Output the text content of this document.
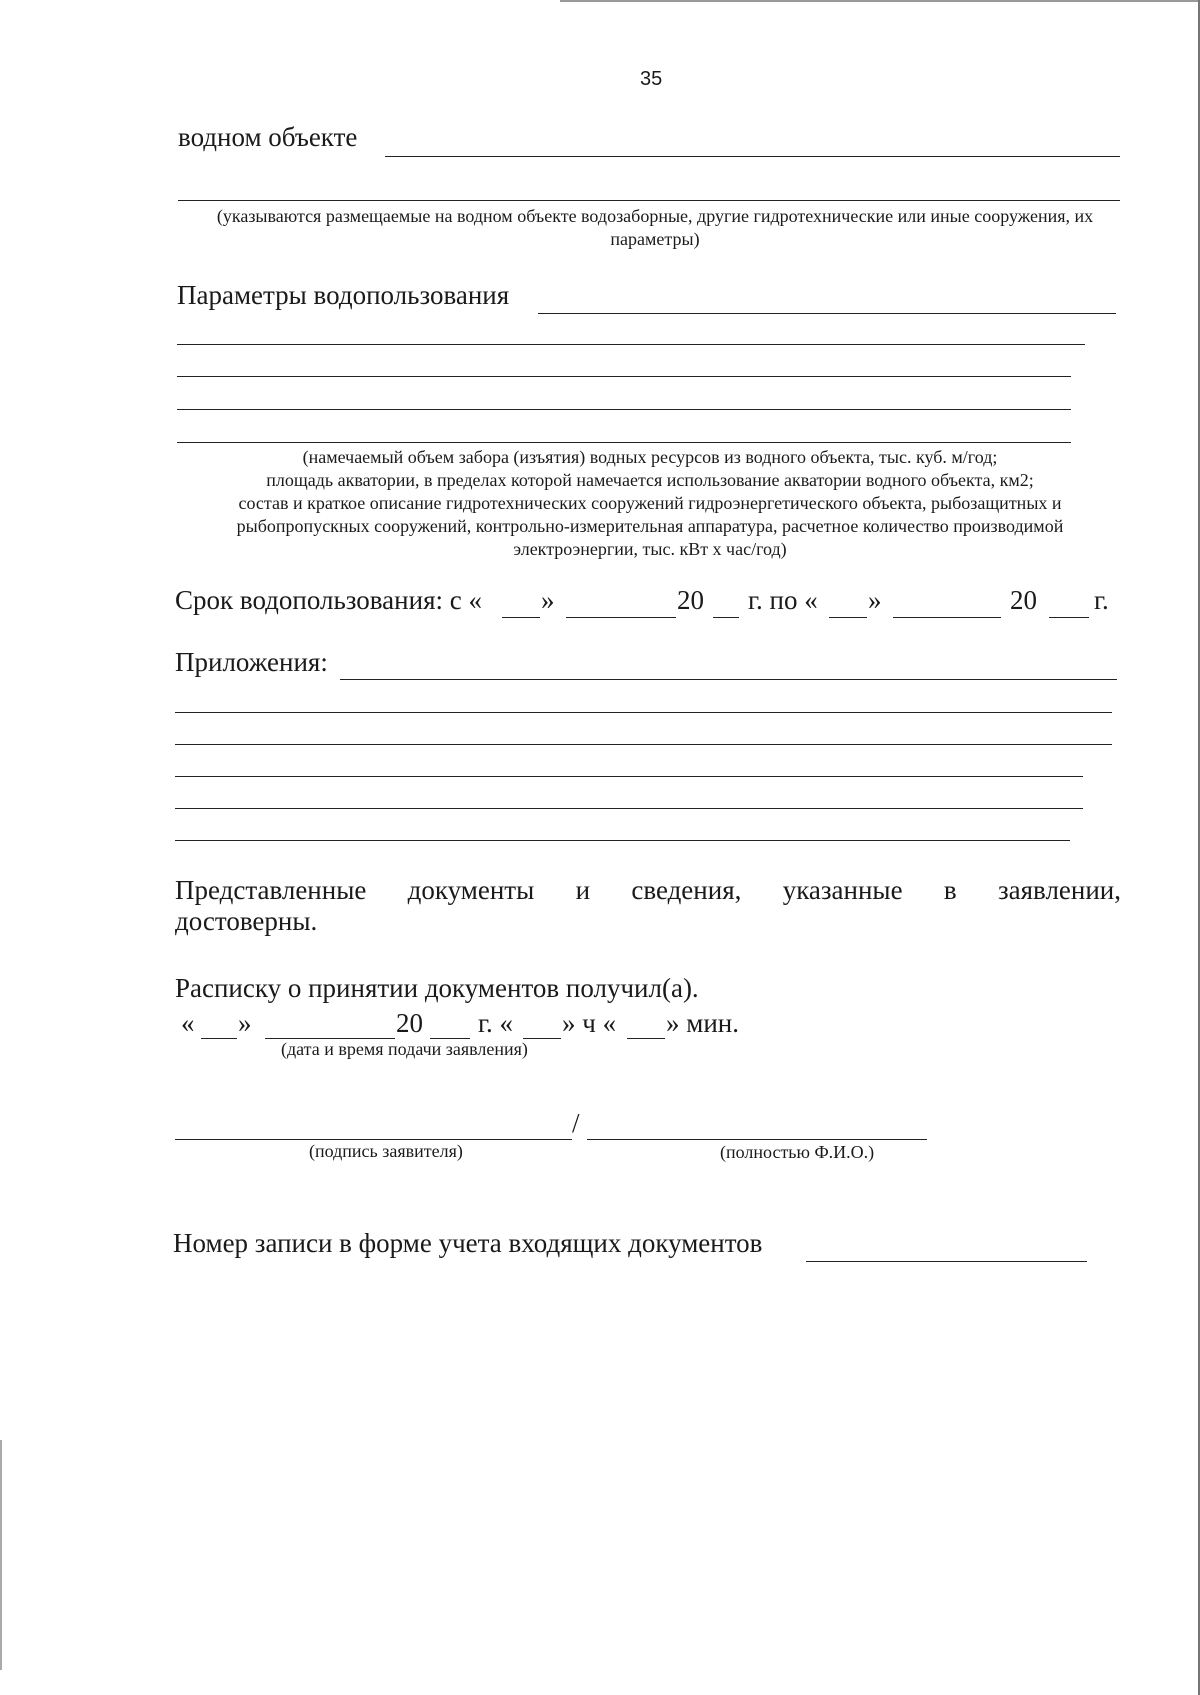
35
водном объекте
(указываются размещаемые на водном объекте водозаборные, другие гидротехнические или иные сооружения, их параметры)
Параметры водопользования
(намечаемый объем забора (изъятия) водных ресурсов из водного объекта, тыс. куб. м/год;
площадь акватории, в пределах которой намечается использование акватории водного объекта, км2;
состав и краткое описание гидротехнических сооружений гидроэнергетического объекта, рыбозащитных и
рыбопропускных сооружений, контрольно-измерительная аппаратура, расчетное количество производимой
электроэнергии, тыс. кВт х час/год)
Срок водопользования: с « »	20 г. по « »	20 г.
Приложения:
Представленные документы и сведения, указанные в заявлении,
достоверны.
Расписку о принятии документов получил(а).
« »	20 г. « » ч « » мин.
(дата и время подачи заявления)
/
(подпись заявителя)	(полностью Ф.И.О.)
Номер записи в форме учета входящих документов
